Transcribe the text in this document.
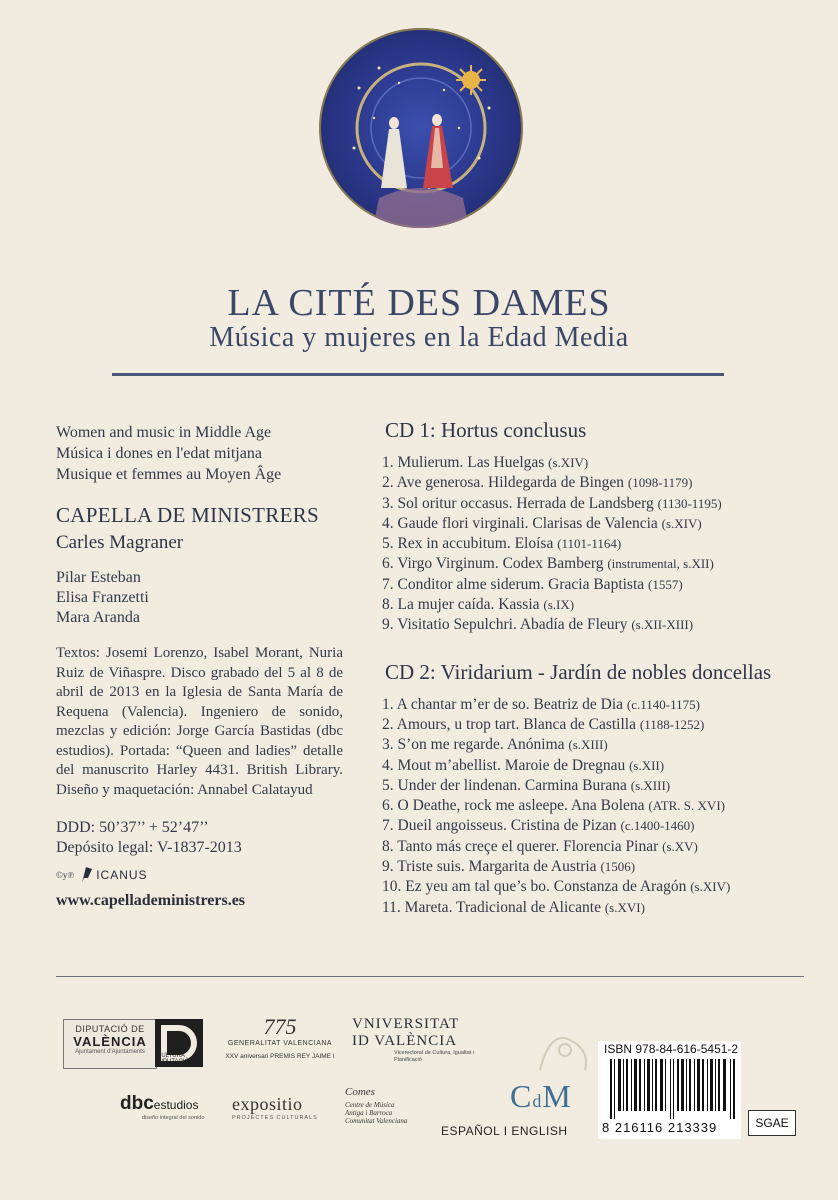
LA CITÉ DES DAMES
Música y mujeres en la Edad Media
Women and music in Middle Age
Música i dones en l'edat mitjana
Musique et femmes au Moyen Âge
CAPELLA DE MINISTRERS
Carles Magraner
Pilar Esteban
Elisa Franzetti
Mara Aranda
Textos: Josemi Lorenzo, Isabel Morant, Nuria Ruiz de Viñaspre. Disco grabado del 5 al 8 de abril de 2013 en la Iglesia de Santa María de Requena (Valencia). Ingeniero de sonido, mezclas y edición: Jorge García Bastidas (dbc estudios). Portada: “Queen and ladies” detalle del manuscrito Harley 4431. British Library. Diseño y maquetación: Annabel Calatayud
DDD: 50’37’’ + 52’47’’
Depósito legal: V-1837-2013
©y℗ ICANUS
www.capelladeministrers.es
CD 1: Hortus conclusus
1. Mulierum. Las Huelgas (s.XIV)
2. Ave generosa. Hildegarda de Bingen (1098-1179)
3. Sol oritur occasus. Herrada de Landsberg (1130-1195)
4. Gaude flori virginali. Clarisas de Valencia (s.XIV)
5. Rex in accubitum. Eloísa (1101-1164)
6. Virgo Virginum. Codex Bamberg (instrumental, s.XII)
7. Conditor alme siderum. Gracia Baptista (1557)
8. La mujer caída. Kassia (s.IX)
9. Visitatio Sepulchri. Abadía de Fleury (s.XII-XIII)
CD 2: Viridarium - Jardín de nobles doncellas
1. A chantar m’er de so. Beatriz de Dia (c.1140-1175)
2. Amours, u trop tart. Blanca de Castilla (1188-1252)
3. S’on me regarde. Anónima (s.XIII)
4. Mout m’abellist. Maroie de Dregnau (s.XII)
5. Under der lindenan. Carmina Burana (s.XIII)
6. O Deathe, rock me asleepe. Ana Bolena (ATR. S. XVI)
7. Dueil angoisseus. Cristina de Pizan (c.1400-1460)
8. Tanto más creçe el querer. Florencia Pinar (s.XV)
9. Triste suis. Margarita de Austria (1506)
10. Ez yeu am tal que’s bo. Constanza de Aragón (s.XIV)
11. Mareta. Tradicional de Alicante (s.XVI)
DIPUTACIÓ DE
VALÈNCIA
Ajuntament d'Ajuntaments
CULTURA DIPUTACIÓ
775
GENERALITAT VALENCIANA
XXV aniversari PREMIS REY JAIME I
VNIVERSITAT
ID VALÈNCIA
Vicerectorat de Cultura, Igualtat i Planificació
dbcestudios
diseño integral del sonido
expositio
PROJECTES CULTURALS
Comes
Centre de Música
Antiga i Barroca
Comunitat Valenciana
CdM
ESPAÑOL I ENGLISH
ISBN 978-84-616-5451-2
8 216116 213339	SGAE
